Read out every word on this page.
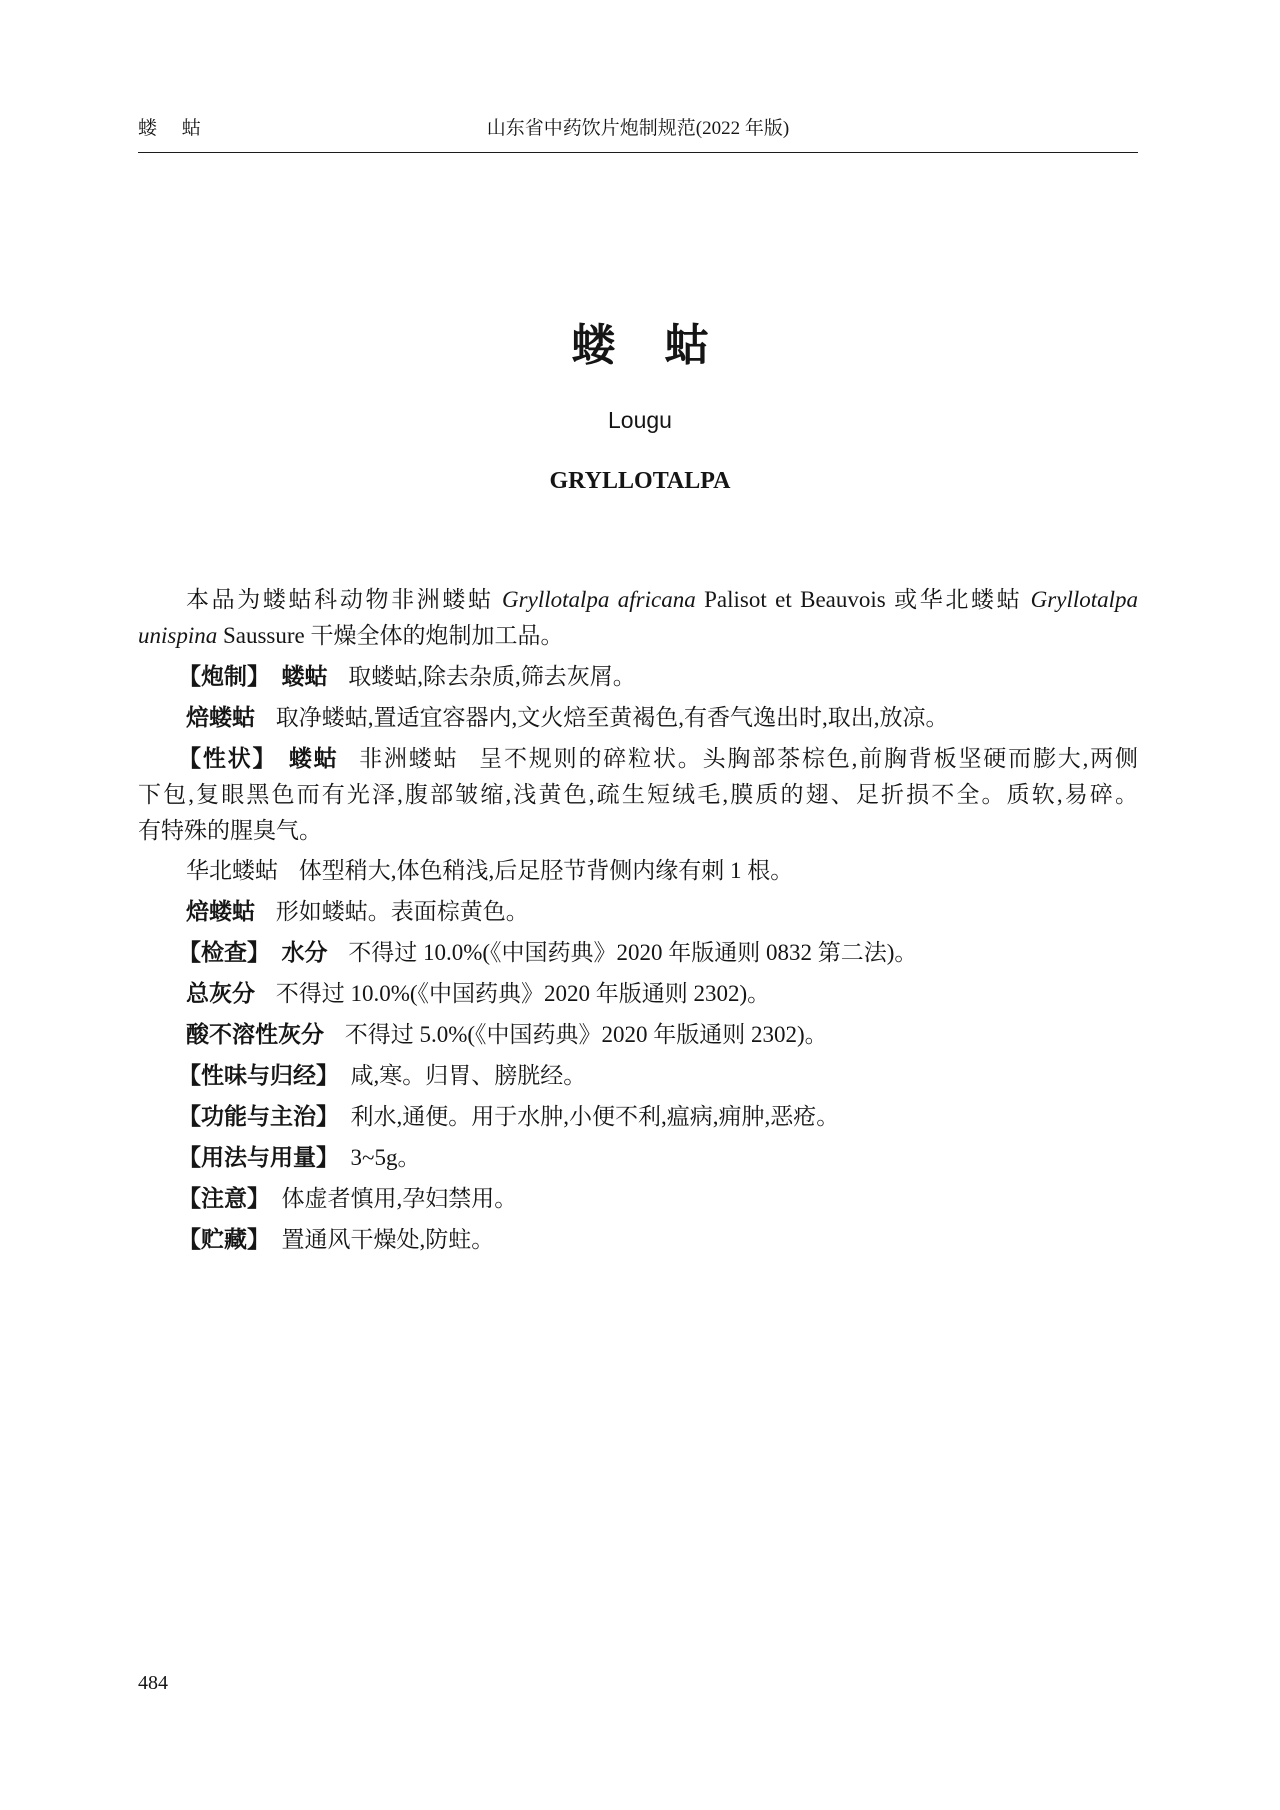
蝼 蛄	山东省中药饮片炮制规范(2022 年版)
蝼 蛄
Lougu
GRYLLOTALPA
本品为蝼蛄科动物非洲蝼蛄 Gryllotalpa africana Palisot et Beauvois 或华北蝼蛄 Gryllotalpa
unispina Saussure 干燥全体的炮制加工品。
【炮制】 蝼蛄 取蝼蛄,除去杂质,筛去灰屑。
焙蝼蛄 取净蝼蛄,置适宜容器内,文火焙至黄褐色,有香气逸出时,取出,放凉。
【性状】 蝼蛄 非洲蝼蛄 呈不规则的碎粒状。头胸部茶棕色,前胸背板坚硬而膨大,两侧
下包,复眼黑色而有光泽,腹部皱缩,浅黄色,疏生短绒毛,膜质的翅、足折损不全。质软,易碎。
有特殊的腥臭气。
华北蝼蛄 体型稍大,体色稍浅,后足胫节背侧内缘有刺 1 根。
焙蝼蛄 形如蝼蛄。表面棕黄色。
【检查】 水分 不得过 10.0%(《中国药典》2020 年版通则 0832 第二法)。
总灰分 不得过 10.0%(《中国药典》2020 年版通则 2302)。
酸不溶性灰分 不得过 5.0%(《中国药典》2020 年版通则 2302)。
【性味与归经】 咸,寒。归胃、膀胱经。
【功能与主治】 利水,通便。用于水肿,小便不利,瘟病,痈肿,恶疮。
【用法与用量】 3~5g。
【注意】 体虚者慎用,孕妇禁用。
【贮藏】 置通风干燥处,防蛀。
484
